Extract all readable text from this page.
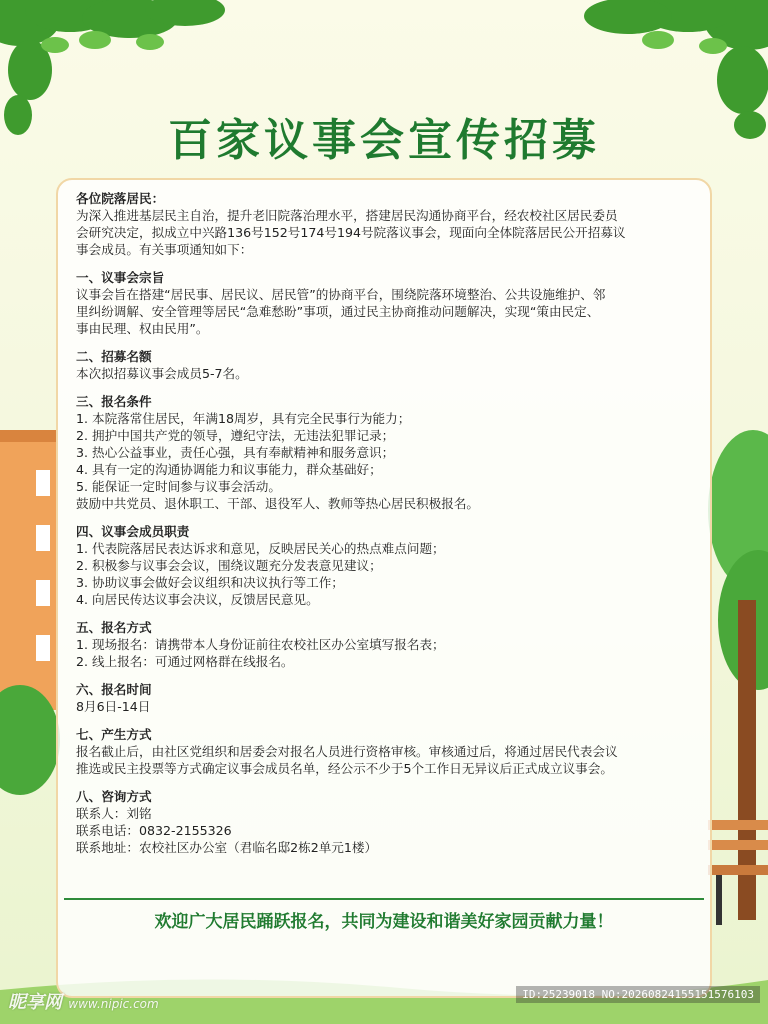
百家议事会宣传招募

各位院落居民：

为深入推进基层民主自治，提升老旧院落治理水平，搭建居民沟通协商平台，经农校社区居民委员

会研究决定，拟成立中兴路136号152号174号194号院落议事会，现面向全体院落居民公开招募议

事会成员。有关事项通知如下：

一、议事会宗旨

议事会旨在搭建“居民事、居民议、居民管”的协商平台，围绕院落环境整治、公共设施维护、邻

里纠纷调解、安全管理等居民“急难愁盼”事项，通过民主协商推动问题解决，实现“策由民定、

事由民理、权由民用”。

二、招募名额

本次拟招募议事会成员5-7名。

三、报名条件

1. 本院落常住居民，年满18周岁，具有完全民事行为能力；

2. 拥护中国共产党的领导，遵纪守法，无违法犯罪记录；

3. 热心公益事业，责任心强，具有奉献精神和服务意识；

4. 具有一定的沟通协调能力和议事能力，群众基础好；

5. 能保证一定时间参与议事会活动。

鼓励中共党员、退休职工、干部、退役军人、教师等热心居民积极报名。

四、议事会成员职责

1. 代表院落居民表达诉求和意见，反映居民关心的热点难点问题；

2. 积极参与议事会会议，围绕议题充分发表意见建议；

3. 协助议事会做好会议组织和决议执行等工作；

4. 向居民传达议事会决议，反馈居民意见。

五、报名方式

1. 现场报名：请携带本人身份证前往农校社区办公室填写报名表；

2. 线上报名：可通过网格群在线报名。

六、报名时间

8月6日-14日

七、产生方式

报名截止后，由社区党组织和居委会对报名人员进行资格审核。审核通过后，将通过居民代表会议

推选或民主投票等方式确定议事会成员名单，经公示不少于5个工作日无异议后正式成立议事会。

八、咨询方式

联系人：刘铭

联系电话：0832-2155326

联系地址：农校社区办公室（君临名邸2栋2单元1楼）

欢迎广大居民踊跃报名，共同为建设和谐美好家园贡献力量！
昵享网 www.nipic.com
ID:25239018 NO:20260824155151576103
